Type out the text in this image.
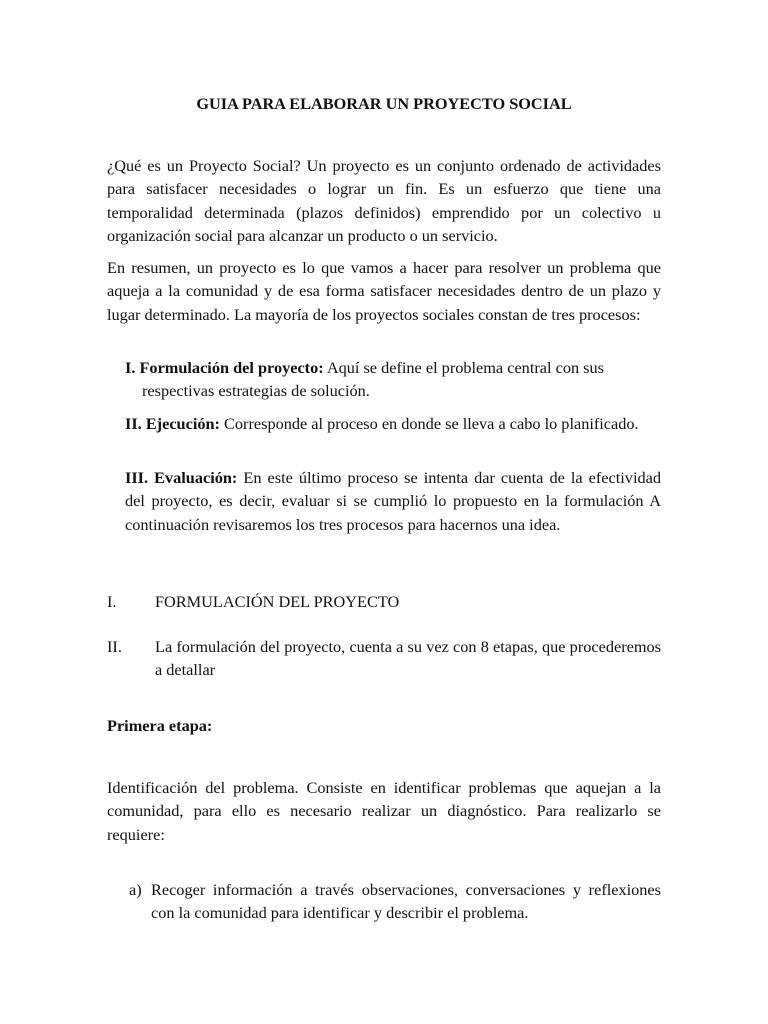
GUIA PARA ELABORAR UN PROYECTO SOCIAL
¿Qué es un Proyecto Social? Un proyecto es un conjunto ordenado de actividades para satisfacer necesidades o lograr un fin. Es un esfuerzo que tiene una temporalidad determinada (plazos definidos) emprendido por un colectivo u organización social para alcanzar un producto o un servicio.
En resumen, un proyecto es lo que vamos a hacer para resolver un problema que aqueja a la comunidad y de esa forma satisfacer necesidades dentro de un plazo y lugar determinado. La mayoría de los proyectos sociales constan de tres procesos:
I. Formulación del proyecto: Aquí se define el problema central con sus
respectivas estrategias de solución.
II. Ejecución: Corresponde al proceso en donde se lleva a cabo lo planificado.
III. Evaluación: En este último proceso se intenta dar cuenta de la efectividad del proyecto, es decir, evaluar si se cumplió lo propuesto en la formulación A continuación revisaremos los tres procesos para hacernos una idea.
I. FORMULACIÓN DEL PROYECTO
II. La formulación del proyecto, cuenta a su vez con 8 etapas, que procederemos a detallar
Primera etapa:
Identificación del problema. Consiste en identificar problemas que aquejan a la comunidad, para ello es necesario realizar un diagnóstico. Para realizarlo se requiere:
a) Recoger información a través observaciones, conversaciones y reflexiones con la comunidad para identificar y describir el problema.
